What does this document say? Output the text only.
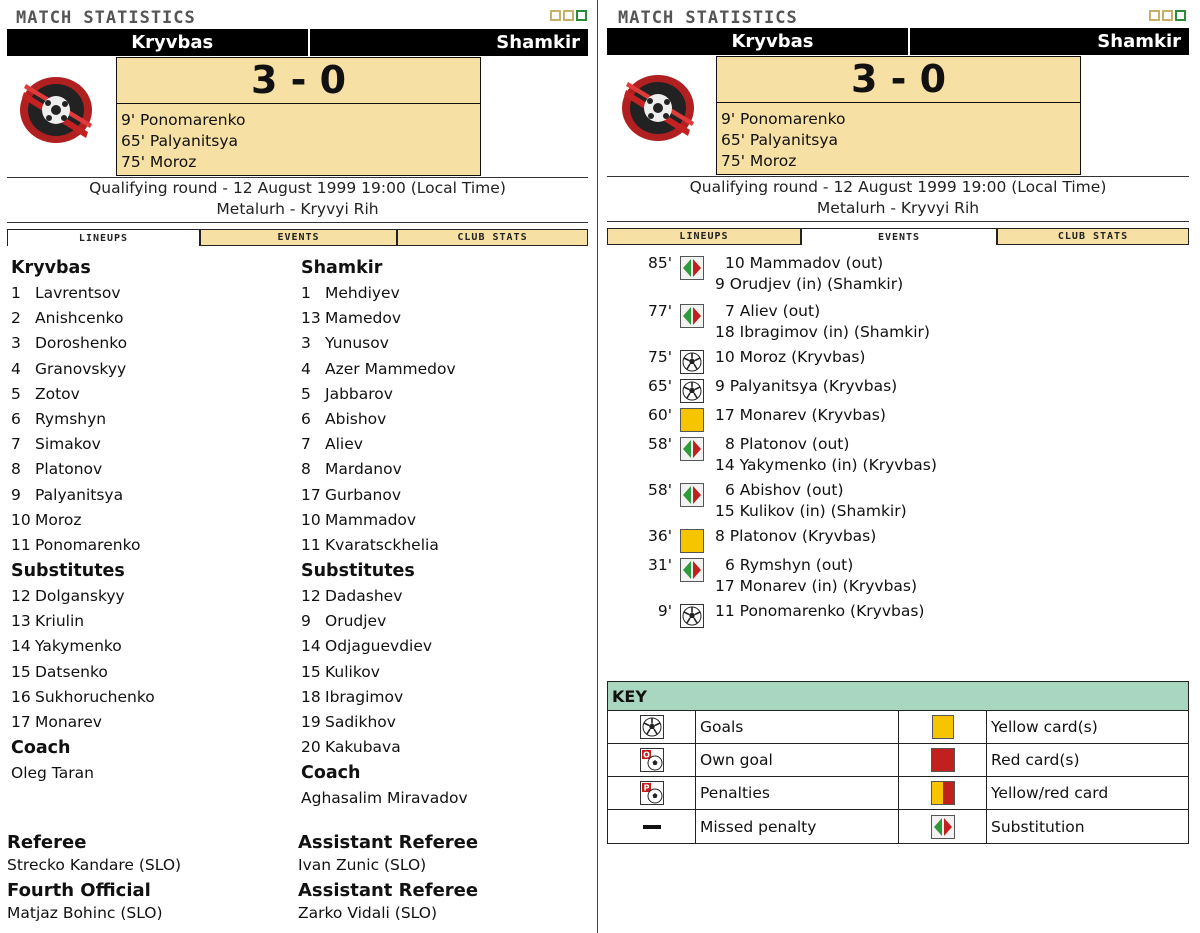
MATCH STATISTICS
Kryvbas	Shamkir
3 - 0
9' Ponomarenko
65' Palyanitsya
75' Moroz
Qualifying round - 12 August 1999 19:00 (Local Time)
Metalurh - Kryvyi Rih
LINEUPS	EVENTS	CLUB STATS
Kryvbas
1 Lavrentsov
2 Anishcenko
3 Doroshenko
4 Granovskyy
5 Zotov
6 Rymshyn
7 Simakov
8 Platonov
9 Palyanitsya
10 Moroz
11 Ponomarenko
Substitutes
12 Dolganskyy
13 Kriulin
14 Yakymenko
15 Datsenko
16 Sukhoruchenko
17 Monarev
Coach
Oleg Taran
Shamkir
1 Mehdiyev
13 Mamedov
3 Yunusov
4 Azer Mammedov
5 Jabbarov
6 Abishov
7 Aliev
8 Mardanov
17 Gurbanov
10 Mammadov
11 Kvaratsckhelia
Substitutes
12 Dadashev
9 Orudjev
14 Odjaguevdiev
15 Kulikov
18 Ibragimov
19 Sadikhov
20 Kakubava
Coach
Aghasalim Miravadov
Referee
Strecko Kandare (SLO)
Fourth Official
Matjaz Bohinc (SLO)
Assistant Referee
Ivan Zunic (SLO)
Assistant Referee
Zarko Vidali (SLO)
MATCH STATISTICS
Kryvbas	Shamkir
3 - 0
9' Ponomarenko
65' Palyanitsya
75' Moroz
Qualifying round - 12 August 1999 19:00 (Local Time)
Metalurh - Kryvyi Rih
LINEUPS	EVENTS	CLUB STATS
85'	10 Mammadov (out)
9 Orudjev (in) (Shamkir)
77'	7 Aliev (out)
18 Ibragimov (in) (Shamkir)
75'	10 Moroz (Kryvbas)
65'	9 Palyanitsya (Kryvbas)
60'	17 Monarev (Kryvbas)
58'	8 Platonov (out)
14 Yakymenko (in) (Kryvbas)
58'	6 Abishov (out)
15 Kulikov (in) (Shamkir)
36'	8 Platonov (Kryvbas)
31'	6 Rymshyn (out)
17 Monarev (in) (Kryvbas)
9'	11 Ponomarenko (Kryvbas)
KEY
Goals	Yellow card(s)
O	Own goal	Red card(s)
P	Penalties	Yellow/red card
Missed penalty	Substitution
